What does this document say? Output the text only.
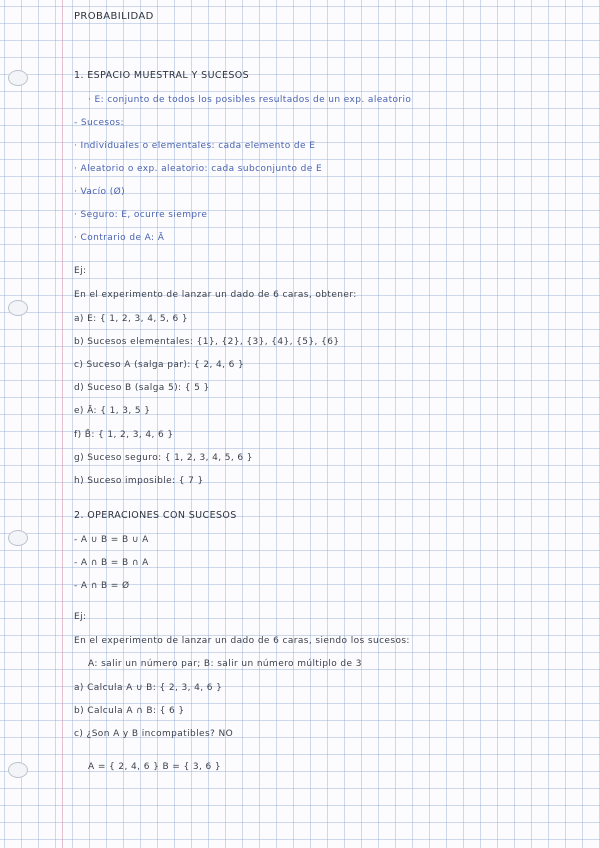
PROBABILIDAD

1. ESPACIO MUESTRAL Y SUCESOS

· E: conjunto de todos los posibles resultados de un exp. aleatorio

- Sucesos:

· Individuales o elementales: cada elemento de E

· Aleatorio o exp. aleatorio: cada subconjunto de E

· Vacío (Ø)

· Seguro: E, ocurre siempre

· Contrario de A: Ā

Ej:

En el experimento de lanzar un dado de 6 caras, obtener:

a) E: { 1, 2, 3, 4, 5, 6 }

b) Sucesos elementales: {1}, {2}, {3}, {4}, {5}, {6}

c) Suceso A (salga par): { 2, 4, 6 }

d) Suceso B (salga 5): { 5 }

e) Ā: { 1, 3, 5 }

f) B̄: { 1, 2, 3, 4, 6 }

g) Suceso seguro: { 1, 2, 3, 4, 5, 6 }

h) Suceso imposible: { 7 }

2. OPERACIONES CON SUCESOS

- A ∪ B = B ∪ A

- A ∩ B = B ∩ A

- A ∩ B = Ø

Ej:

En el experimento de lanzar un dado de 6 caras, siendo los sucesos:

A: salir un número par; B: salir un número múltiplo de 3

a) Calcula A ∪ B: { 2, 3, 4, 6 }

b) Calcula A ∩ B: { 6 }

c) ¿Son A y B incompatibles? NO

A = { 2, 4, 6 } B = { 3, 6 }
